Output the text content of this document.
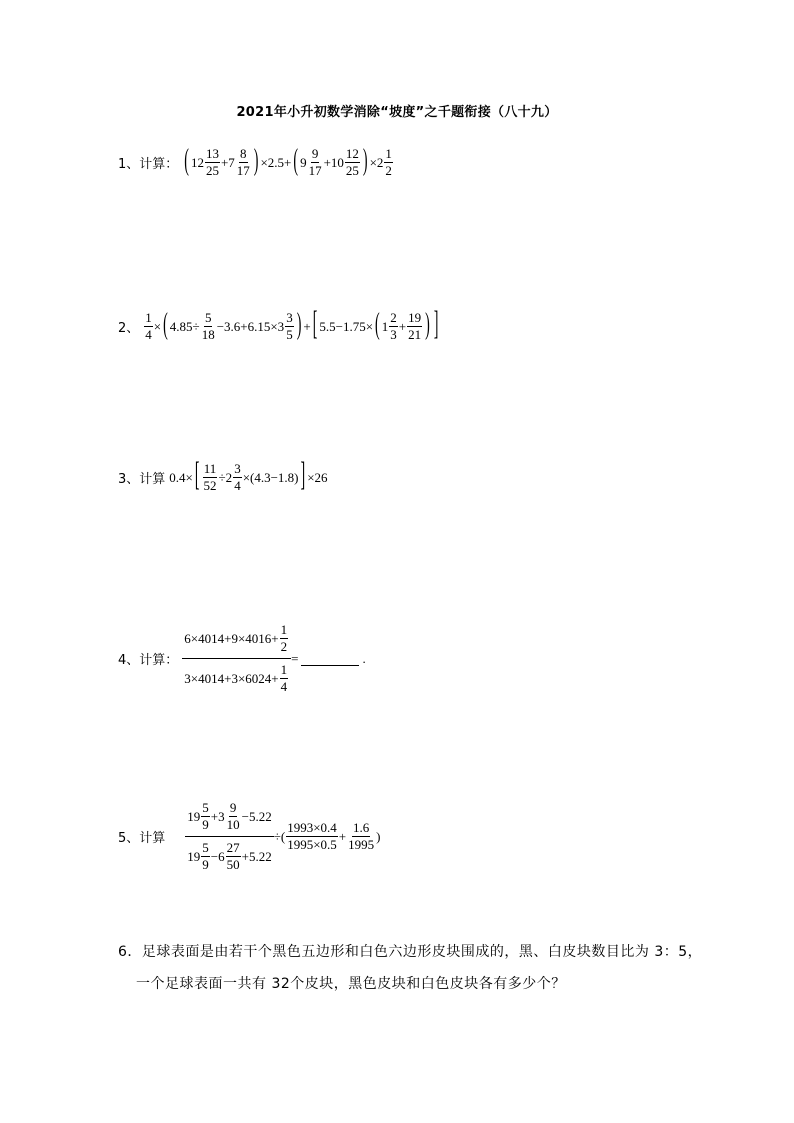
2021年小升初数学消除“坡度”之千题衔接（八十九）
1、计算： ( $12 \frac{13}{25} + 7 \frac{8}{17}$ ) ×2.5+ ( $9 \frac{9}{17} + 10 \frac{12}{25}$ ) $\times 2 \frac{1}{2}$
2、 $\frac{1}{4}$ × ( $4.85\div \frac{5}{18} -3.6+6.15\times 3 \frac{3}{5}$ ) + [ 5.5−1.75× ( $1 \frac{2}{3} + \frac{19}{21}$ ) ]
3、计算 0.4× [ $\frac{11}{52} \div 2 \frac{3}{4} \times(4.3-1.8)$ ] ×26
4、计算： $\frac{6\times 4014+9\times 4016+ \frac{1}{2}}{3\times 4014+3\times 6024+ \frac{1}{4}}$ =	.
5、计算 $\frac{19 \frac{5}{9} +3 \frac{9}{10} -5.22}{19 \frac{5}{9} -6 \frac{27}{50} +5.22}$ ÷( $\frac{1993\times 0.4}{1995\times 0.5} + \frac{1.6}{1995}$ )
6．足球表面是由若干个黑色五边形和白色六边形皮块围成的，黑、白皮块数目比为 3：5，
一个足球表面一共有 32个皮块，黑色皮块和白色皮块各有多少个？
